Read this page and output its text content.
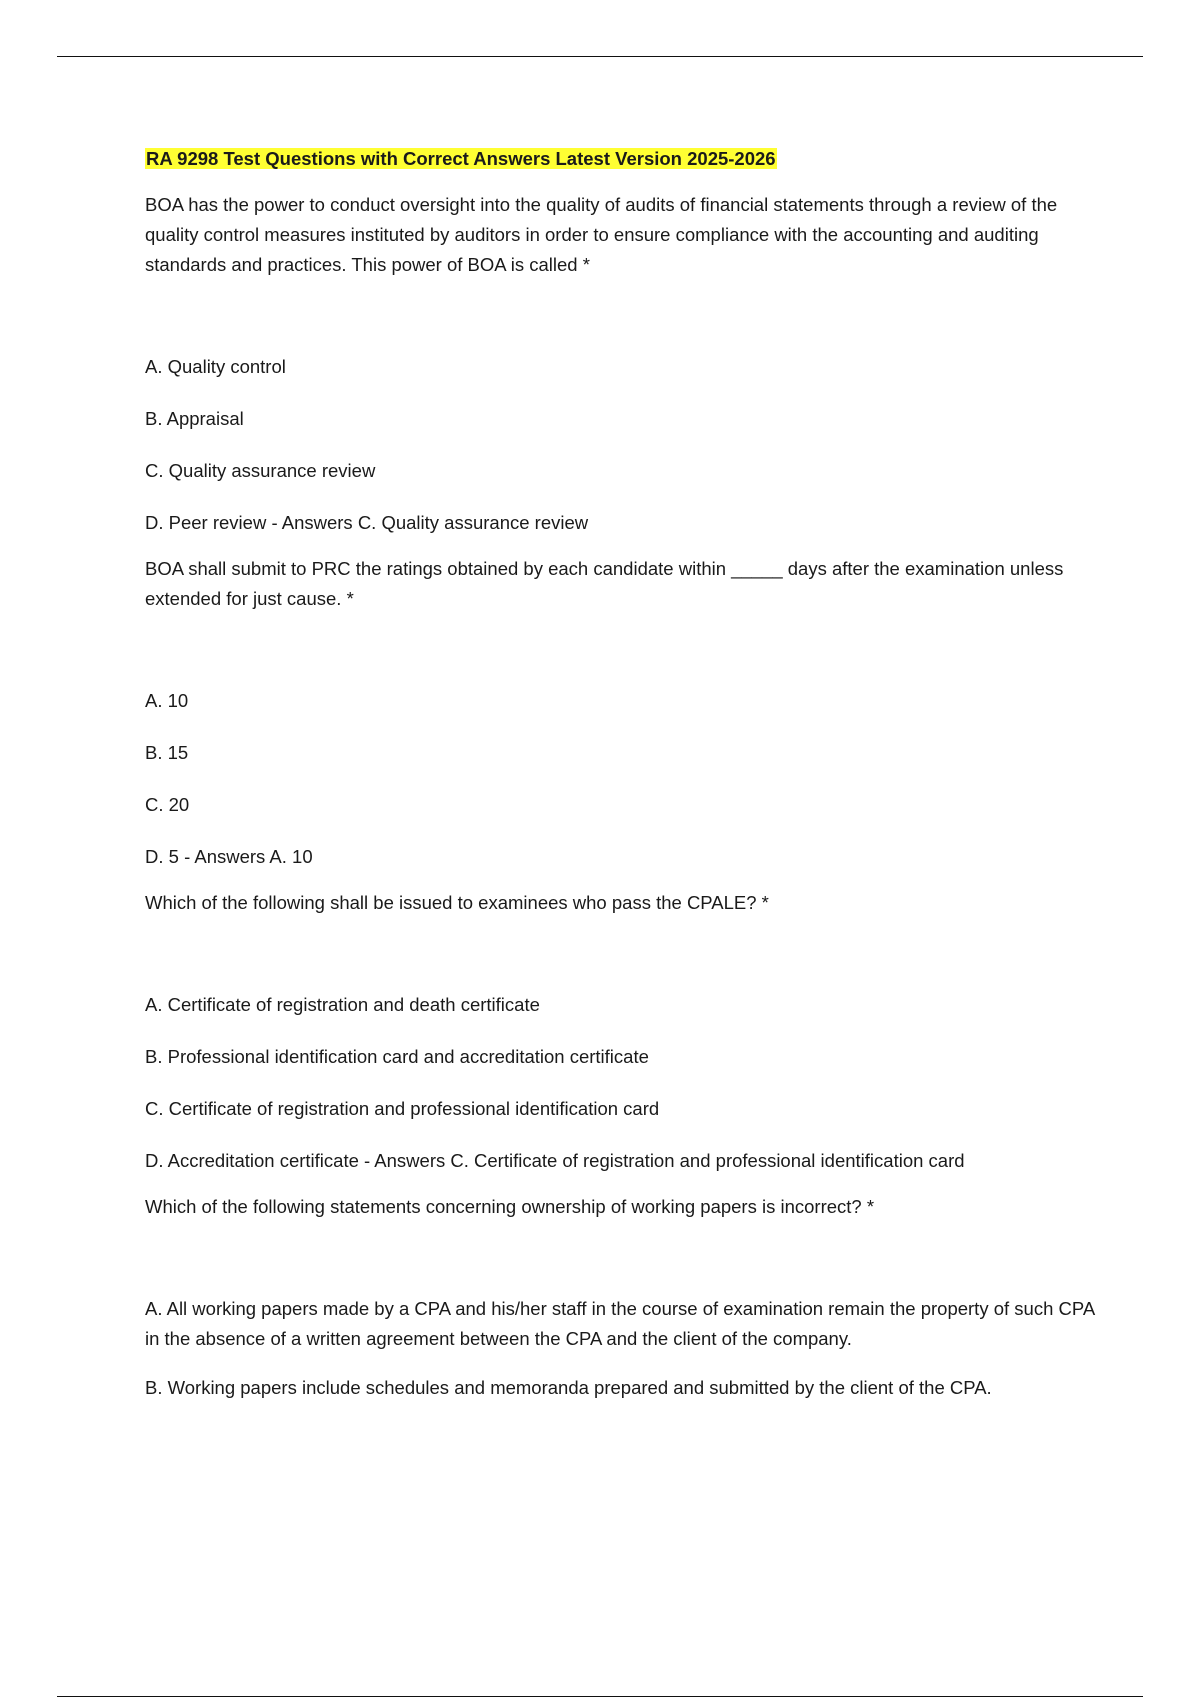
RA 9298 Test Questions with Correct Answers Latest Version 2025-2026
BOA has the power to conduct oversight into the quality of audits of financial statements through a review of the quality control measures instituted by auditors in order to ensure compliance with the accounting and auditing standards and practices. This power of BOA is called *
A. Quality control
B. Appraisal
C. Quality assurance review
D. Peer review - Answers C. Quality assurance review
BOA shall submit to PRC the ratings obtained by each candidate within _____ days after the examination unless extended for just cause. *
A. 10
B. 15
C. 20
D. 5 - Answers A. 10
Which of the following shall be issued to examinees who pass the CPALE? *
A. Certificate of registration and death certificate
B. Professional identification card and accreditation certificate
C. Certificate of registration and professional identification card
D. Accreditation certificate - Answers C. Certificate of registration and professional identification card
Which of the following statements concerning ownership of working papers is incorrect? *
A. All working papers made by a CPA and his/her staff in the course of examination remain the property of such CPA in the absence of a written agreement between the CPA and the client of the company.
B. Working papers include schedules and memoranda prepared and submitted by the client of the CPA.
